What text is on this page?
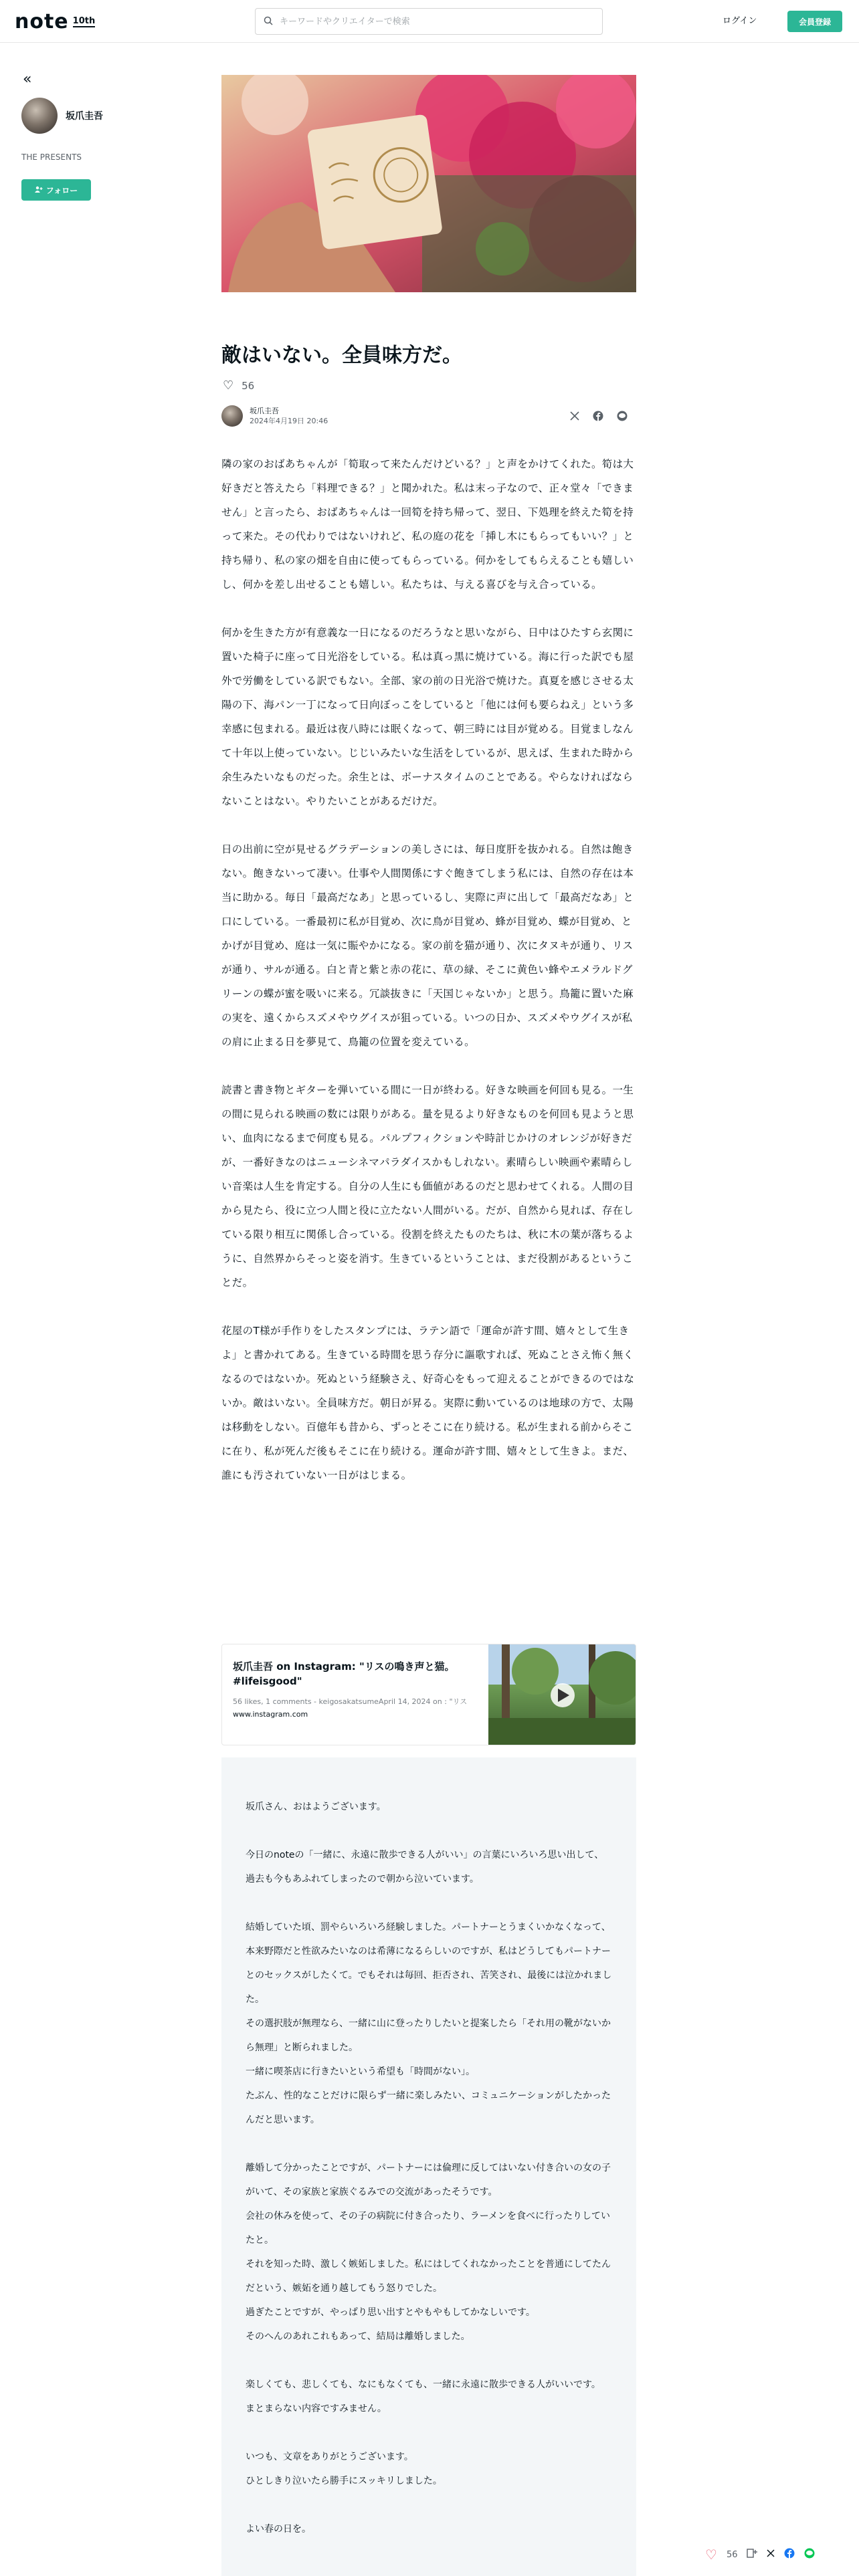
note 10th
キーワードやクリエイターで検索	ログイン	会員登録
«
坂爪圭吾
THE PRESENTS
フォロー
敵はいない。全員味方だ。
♡ 56
坂爪圭吾
2024年4月19日 20:46

隣の家のおばあちゃんが「筍取って来たんだけどいる？」と声をかけてくれた。筍は大好きだと答えたら「料理できる？」と聞かれた。私は末っ子なので、正々堂々「できません」と言ったら、おばあちゃんは一回筍を持ち帰って、翌日、下処理を終えた筍を持って来た。その代わりではないけれど、私の庭の花を「挿し木にもらってもいい？」と持ち帰り、私の家の畑を自由に使ってもらっている。何かをしてもらえることも嬉しいし、何かを差し出せることも嬉しい。私たちは、与える喜びを与え合っている。

何かを生きた方が有意義な一日になるのだろうなと思いながら、日中はひたすら玄関に置いた椅子に座って日光浴をしている。私は真っ黒に焼けている。海に行った訳でも屋外で労働をしている訳でもない。全部、家の前の日光浴で焼けた。真夏を感じさせる太陽の下、海パン一丁になって日向ぼっこをしていると「他には何も要らねえ」という多幸感に包まれる。最近は夜八時には眠くなって、朝三時には目が覚める。目覚ましなんて十年以上使っていない。じじいみたいな生活をしているが、思えば、生まれた時から余生みたいなものだった。余生とは、ボーナスタイムのことである。やらなければならないことはない。やりたいことがあるだけだ。

日の出前に空が見せるグラデーションの美しさには、毎日度肝を抜かれる。自然は飽きない。飽きないって凄い。仕事や人間関係にすぐ飽きてしまう私には、自然の存在は本当に助かる。毎日「最高だなあ」と思っているし、実際に声に出して「最高だなあ」と口にしている。一番最初に私が目覚め、次に鳥が目覚め、蜂が目覚め、蝶が目覚め、とかげが目覚め、庭は一気に賑やかになる。家の前を猫が通り、次にタヌキが通り、リスが通り、サルが通る。白と青と紫と赤の花に、草の緑、そこに黄色い蜂やエメラルドグリーンの蝶が蜜を吸いに来る。冗談抜きに「天国じゃないか」と思う。鳥籠に置いた麻の実を、遠くからスズメやウグイスが狙っている。いつの日か、スズメやウグイスが私の肩に止まる日を夢見て、鳥籠の位置を変えている。

読書と書き物とギターを弾いている間に一日が終わる。好きな映画を何回も見る。一生の間に見られる映画の数には限りがある。量を見るより好きなものを何回も見ようと思い、血肉になるまで何度も見る。パルプフィクションや時計じかけのオレンジが好きだが、一番好きなのはニューシネマパラダイスかもしれない。素晴らしい映画や素晴らしい音楽は人生を肯定する。自分の人生にも価値があるのだと思わせてくれる。人間の目から見たら、役に立つ人間と役に立たない人間がいる。だが、自然から見れば、存在している限り相互に関係し合っている。役割を終えたものたちは、秋に木の葉が落ちるように、自然界からそっと姿を消す。生きているということは、まだ役割があるということだ。

花屋のT様が手作りをしたスタンプには、ラテン語で「運命が許す間、嬉々として生きよ」と書かれてある。生きている時間を思う存分に謳歌すれば、死ぬことさえ怖く無くなるのではないか。死ぬという経験さえ、好奇心をもって迎えることができるのではないか。敵はいない。全員味方だ。朝日が昇る。実際に動いているのは地球の方で、太陽は移動をしない。百億年も昔から、ずっとそこに在り続ける。私が生まれる前からそこに在り、私が死んだ後もそこに在り続ける。運命が許す間、嬉々として生きよ。まだ、誰にも汚されていない一日がはじまる。

坂爪圭吾 on Instagram: "リスの鳴き声と猫。#lifeisgood"
56 likes, 1 comments - keigosakatsumeApril 14, 2024 on : "リス
www.instagram.com

坂爪さん、おはようございます。

今日のnoteの「一緒に、永遠に散歩できる人がいい」の言葉にいろいろ思い出して、過去も今もあふれてしまったので朝から泣いています。

結婚していた頃、罰やらいろいろ経験しました。パートナーとうまくいかなくなって、本来野際だと性欲みたいなのは希薄になるらしいのですが、私はどうしてもパートナーとのセックスがしたくて。でもそれは毎回、拒否され、苦笑され、最後には泣かれました。
その選択肢が無理なら、一緒に山に登ったりしたいと提案したら「それ用の靴がないから無理」と断られました。
一緒に喫茶店に行きたいという希望も「時間がない」。
たぶん、性的なことだけに限らず一緒に楽しみたい、コミュニケーションがしたかったんだと思います。

離婚して分かったことですが、パートナーには倫理に反してはいない付き合いの女の子がいて、その家族と家族ぐるみでの交流があったそうです。
会社の休みを使って、その子の病院に付き合ったり、ラーメンを食べに行ったりしていたと。
それを知った時、激しく嫉妬しました。私にはしてくれなかったことを普通にしてたんだという、嫉妬を通り越してもう怒りでした。
過ぎたことですが、やっぱり思い出すとやもやもしてかなしいです。
そのへんのあれこれもあって、結局は離婚しました。

楽しくても、悲しくても、なにもなくても、一緒に永遠に散歩できる人がいいです。
まとまらない内容ですみません。

いつも、文章をありがとうございます。
ひとしきり泣いたら勝手にスッキリしました。

よい春の日を。

♡ 56
